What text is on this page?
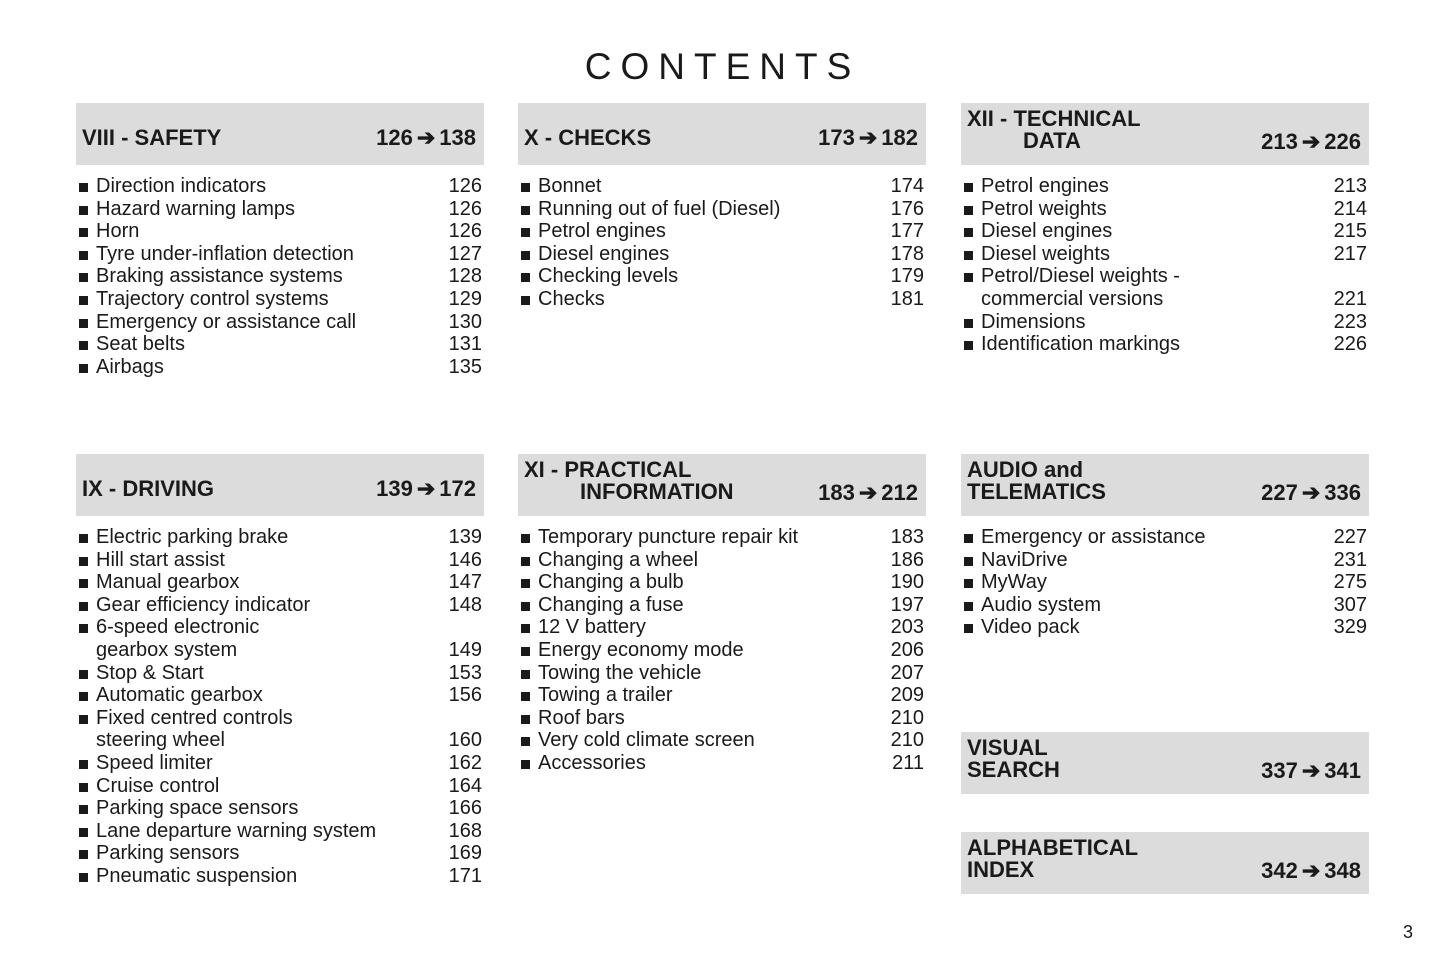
CONTENTS
VIII - SAFETY	126 ➔ 138
Direction indicators	126
Hazard warning lamps	126
Horn	126
Tyre under-inflation detection	127
Braking assistance systems	128
Trajectory control systems	129
Emergency or assistance call	130
Seat belts	131
Airbags	135
X - CHECKS	173 ➔ 182
Bonnet	174
Running out of fuel (Diesel)	176
Petrol engines	177
Diesel engines	178
Checking levels	179
Checks	181
XII - TECHNICAL
DATA	213 ➔ 226
Petrol engines	213
Petrol weights	214
Diesel engines	215
Diesel weights	217
Petrol/Diesel weights -
commercial versions	221
Dimensions	223
Identification markings	226
IX - DRIVING	139 ➔ 172
Electric parking brake	139
Hill start assist	146
Manual gearbox	147
Gear efficiency indicator	148
6-speed electronic
gearbox system	149
Stop & Start	153
Automatic gearbox	156
Fixed centred controls
steering wheel	160
Speed limiter	162
Cruise control	164
Parking space sensors	166
Lane departure warning system	168
Parking sensors	169
Pneumatic suspension	171
XI - PRACTICAL
INFORMATION	183 ➔ 212
Temporary puncture repair kit	183
Changing a wheel	186
Changing a bulb	190
Changing a fuse	197
12 V battery	203
Energy economy mode	206
Towing the vehicle	207
Towing a trailer	209
Roof bars	210
Very cold climate screen	210
Accessories	211
AUDIO and
TELEMATICS	227 ➔ 336
Emergency or assistance	227
NaviDrive	231
MyWay	275
Audio system	307
Video pack	329
VISUAL
SEARCH	337 ➔ 341
ALPHABETICAL
INDEX	342 ➔ 348
3
